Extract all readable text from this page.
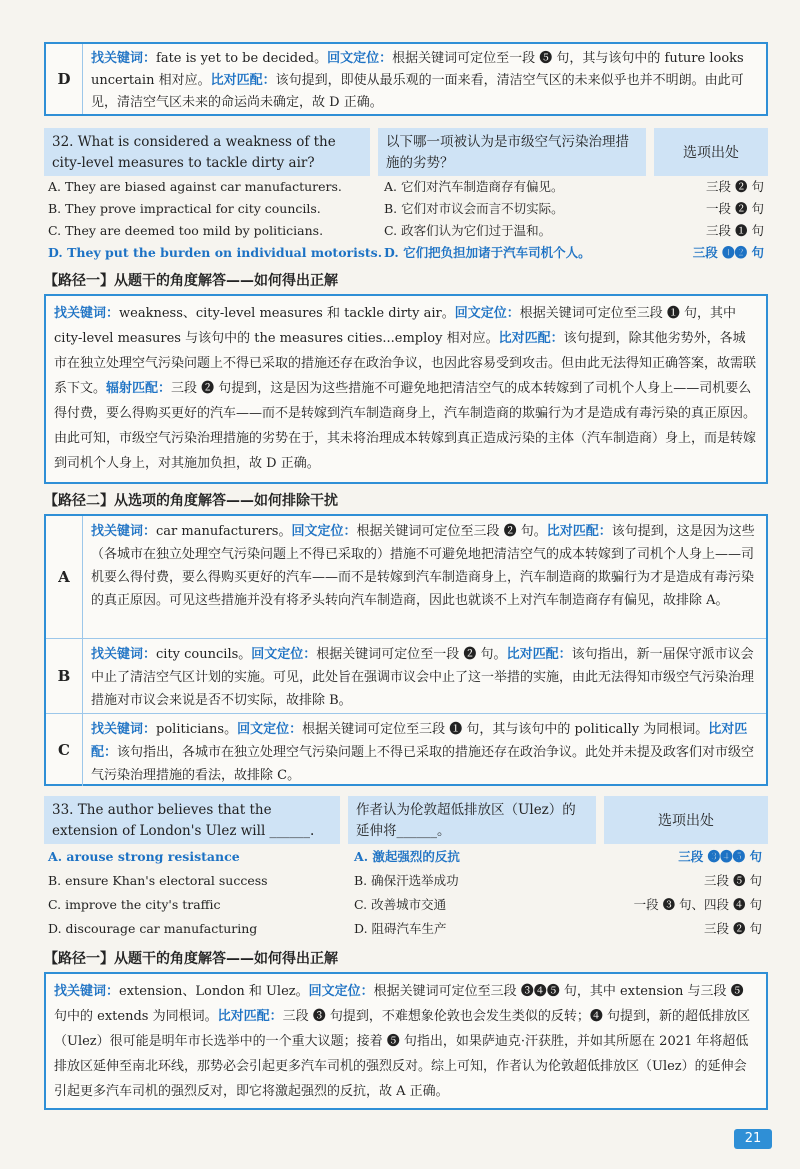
D
找关键词：fate is yet to be decided。回文定位：根据关键词可定位至一段 ❺ 句，其与该句中的 future looks uncertain 相对应。比对匹配：该句提到，即使从最乐观的一面来看，清洁空气区的未来似乎也并不明朗。由此可见，清洁空气区未来的命运尚未确定，故 D 正确。
32. What is considered a weakness of the city-level measures to tackle dirty air?
以下哪一项被认为是市级空气污染治理措施的劣势？
选项出处
A. They are biased against car manufacturers.
B. They prove impractical for city councils.
C. They are deemed too mild by politicians.
D. They put the burden on individual motorists.
A. 它们对汽车制造商存有偏见。
B. 它们对市议会而言不切实际。
C. 政客们认为它们过于温和。
D. 它们把负担加诸于汽车司机个人。
三段 ❷ 句
一段 ❷ 句
三段 ❶ 句
三段 ❶❷ 句
【路径一】从题干的角度解答——如何得出正解
找关键词：weakness、city-level measures 和 tackle dirty air。回文定位：根据关键词可定位至三段 ❶ 句，其中 city-level measures 与该句中的 the measures cities...employ 相对应。比对匹配：该句提到，除其他劣势外，各城市在独立处理空气污染问题上不得已采取的措施还存在政治争议，也因此容易受到攻击。但由此无法得知正确答案，故需联系下文。辐射匹配：三段 ❷ 句提到，这是因为这些措施不可避免地把清洁空气的成本转嫁到了司机个人身上——司机要么得付费，要么得购买更好的汽车——而不是转嫁到汽车制造商身上，汽车制造商的欺骗行为才是造成有毒污染的真正原因。由此可知，市级空气污染治理措施的劣势在于，其未将治理成本转嫁到真正造成污染的主体（汽车制造商）身上，而是转嫁到司机个人身上，对其施加负担，故 D 正确。
【路径二】从选项的角度解答——如何排除干扰
A
找关键词：car manufacturers。回文定位：根据关键词可定位至三段 ❷ 句。比对匹配：该句提到，这是因为这些（各城市在独立处理空气污染问题上不得已采取的）措施不可避免地把清洁空气的成本转嫁到了司机个人身上——司机要么得付费，要么得购买更好的汽车——而不是转嫁到汽车制造商身上，汽车制造商的欺骗行为才是造成有毒污染的真正原因。可见这些措施并没有将矛头转向汽车制造商，因此也就谈不上对汽车制造商存有偏见，故排除 A。
B
找关键词：city councils。回文定位：根据关键词可定位至一段 ❷ 句。比对匹配：该句指出，新一届保守派市议会中止了清洁空气区计划的实施。可见，此处旨在强调市议会中止了这一举措的实施，由此无法得知市级空气污染治理措施对市议会来说是否不切实际，故排除 B。
C
找关键词：politicians。回文定位：根据关键词可定位至三段 ❶ 句，其与该句中的 politically 为同根词。比对匹配：该句指出，各城市在独立处理空气污染问题上不得已采取的措施还存在政治争议。此处并未提及政客们对市级空气污染治理措施的看法，故排除 C。
33. The author believes that the extension of London's Ulez will ______.
作者认为伦敦超低排放区（Ulez）的延伸将______。
选项出处
A. arouse strong resistance
B. ensure Khan's electoral success
C. improve the city's traffic
D. discourage car manufacturing
A. 激起强烈的反抗
B. 确保汗选举成功
C. 改善城市交通
D. 阻碍汽车生产
三段 ❸❹❺ 句
三段 ❺ 句
一段 ❸ 句、四段 ❹ 句
三段 ❷ 句
【路径一】从题干的角度解答——如何得出正解
找关键词：extension、London 和 Ulez。回文定位：根据关键词可定位至三段 ❸❹❺ 句，其中 extension 与三段 ❺ 句中的 extends 为同根词。比对匹配：三段 ❸ 句提到，不难想象伦敦也会发生类似的反转；❹ 句提到，新的超低排放区（Ulez）很可能是明年市长选举中的一个重大议题；接着 ❺ 句指出，如果萨迪克·汗获胜，并如其所愿在 2021 年将超低排放区延伸至南北环线，那势必会引起更多汽车司机的强烈反对。综上可知，作者认为伦敦超低排放区（Ulez）的延伸会引起更多汽车司机的强烈反对，即它将激起强烈的反抗，故 A 正确。
21
